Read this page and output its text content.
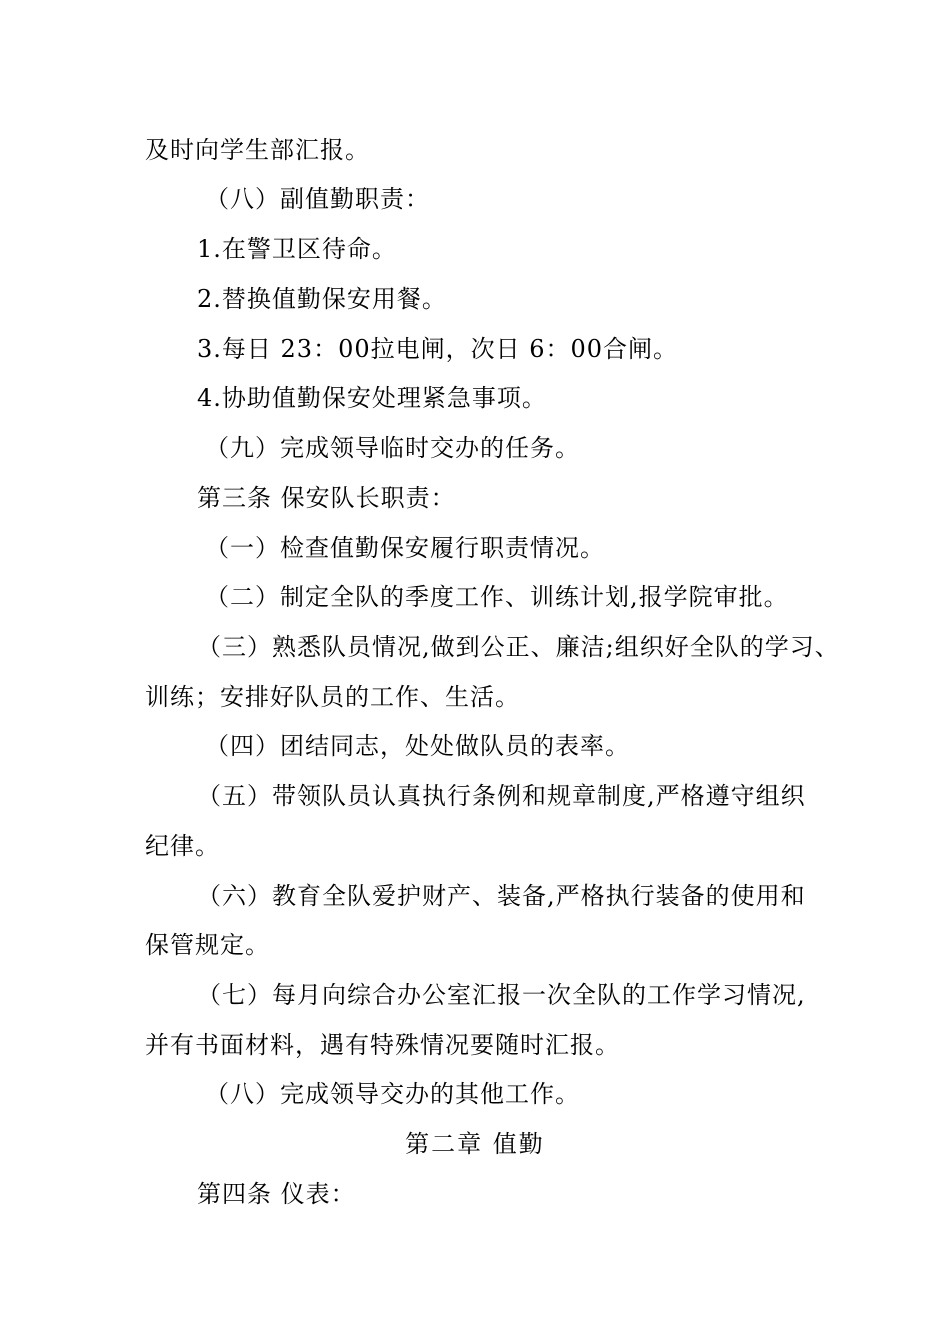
及时向学生部汇报。
（八）副值勤职责：
1.在警卫区待命。
2.替换值勤保安用餐。
3.每日 23：00拉电闸，次日 6：00合闸。
4.协助值勤保安处理紧急事项。
（九）完成领导临时交办的任务。
第三条 保安队长职责：
（一）检查值勤保安履行职责情况。
（二）制定全队的季度工作、训练计划,报学院审批。
（三）熟悉队员情况,做到公正、廉洁;组织好全队的学习、
训练；安排好队员的工作、生活。
（四）团结同志，处处做队员的表率。
（五）带领队员认真执行条例和规章制度,严格遵守组织
纪律。
（六）教育全队爱护财产、装备,严格执行装备的使用和
保管规定。
（七）每月向综合办公室汇报一次全队的工作学习情况,
并有书面材料，遇有特殊情况要随时汇报。
（八）完成领导交办的其他工作。
第二章 值勤
第四条 仪表：
